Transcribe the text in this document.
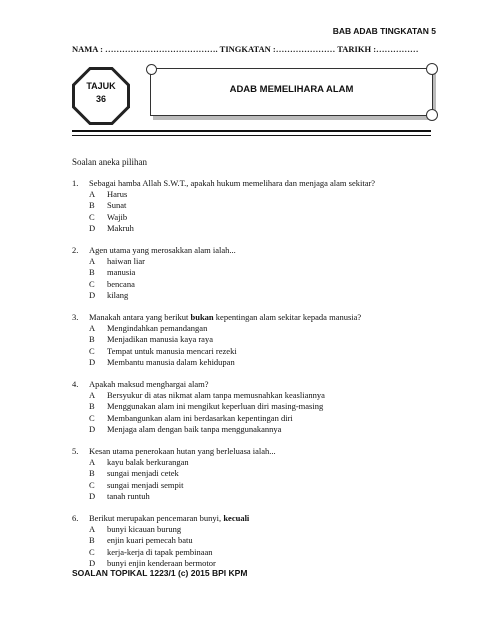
BAB ADAB TINGKATAN 5
NAMA : …………………………………. TINGKATAN :………………… TARIKH :……………
TAJUK
36
ADAB MEMELIHARA ALAM
Soalan aneka pilihan
1.	Sebagai hamba Allah S.W.T., apakah hukum memelihara dan menjaga alam sekitar?
A	Harus
B	Sunat
C	Wajib
D	Makruh
2.	Agen utama yang merosakkan alam ialah...
A	haiwan liar
B	manusia
C	bencana
D	kilang
3.	Manakah antara yang berikut bukan kepentingan alam sekitar kepada manusia?
A	Mengindahkan pemandangan
B	Menjadikan manusia kaya raya
C	Tempat untuk manusia mencari rezeki
D	Membantu manusia dalam kehidupan
4.	Apakah maksud menghargai alam?
A	Bersyukur di atas nikmat alam tanpa memusnahkan keasliannya
B	Menggunakan alam ini mengikut keperluan diri masing-masing
C	Membangunkan alam ini berdasarkan kepentingan diri
D	Menjaga alam dengan baik tanpa menggunakannya
5.	Kesan utama penerokaan hutan yang berleluasa ialah...
A	kayu balak berkurangan
B	sungai menjadi cetek
C	sungai menjadi sempit
D	tanah runtuh
6.	Berikut merupakan pencemaran bunyi, kecuali
A	bunyi kicauan burung
B	enjin kuari pemecah batu
C	kerja-kerja di tapak pembinaan
D	bunyi enjin kenderaan bermotor
SOALAN TOPIKAL 1223/1 (c) 2015 BPI KPM
